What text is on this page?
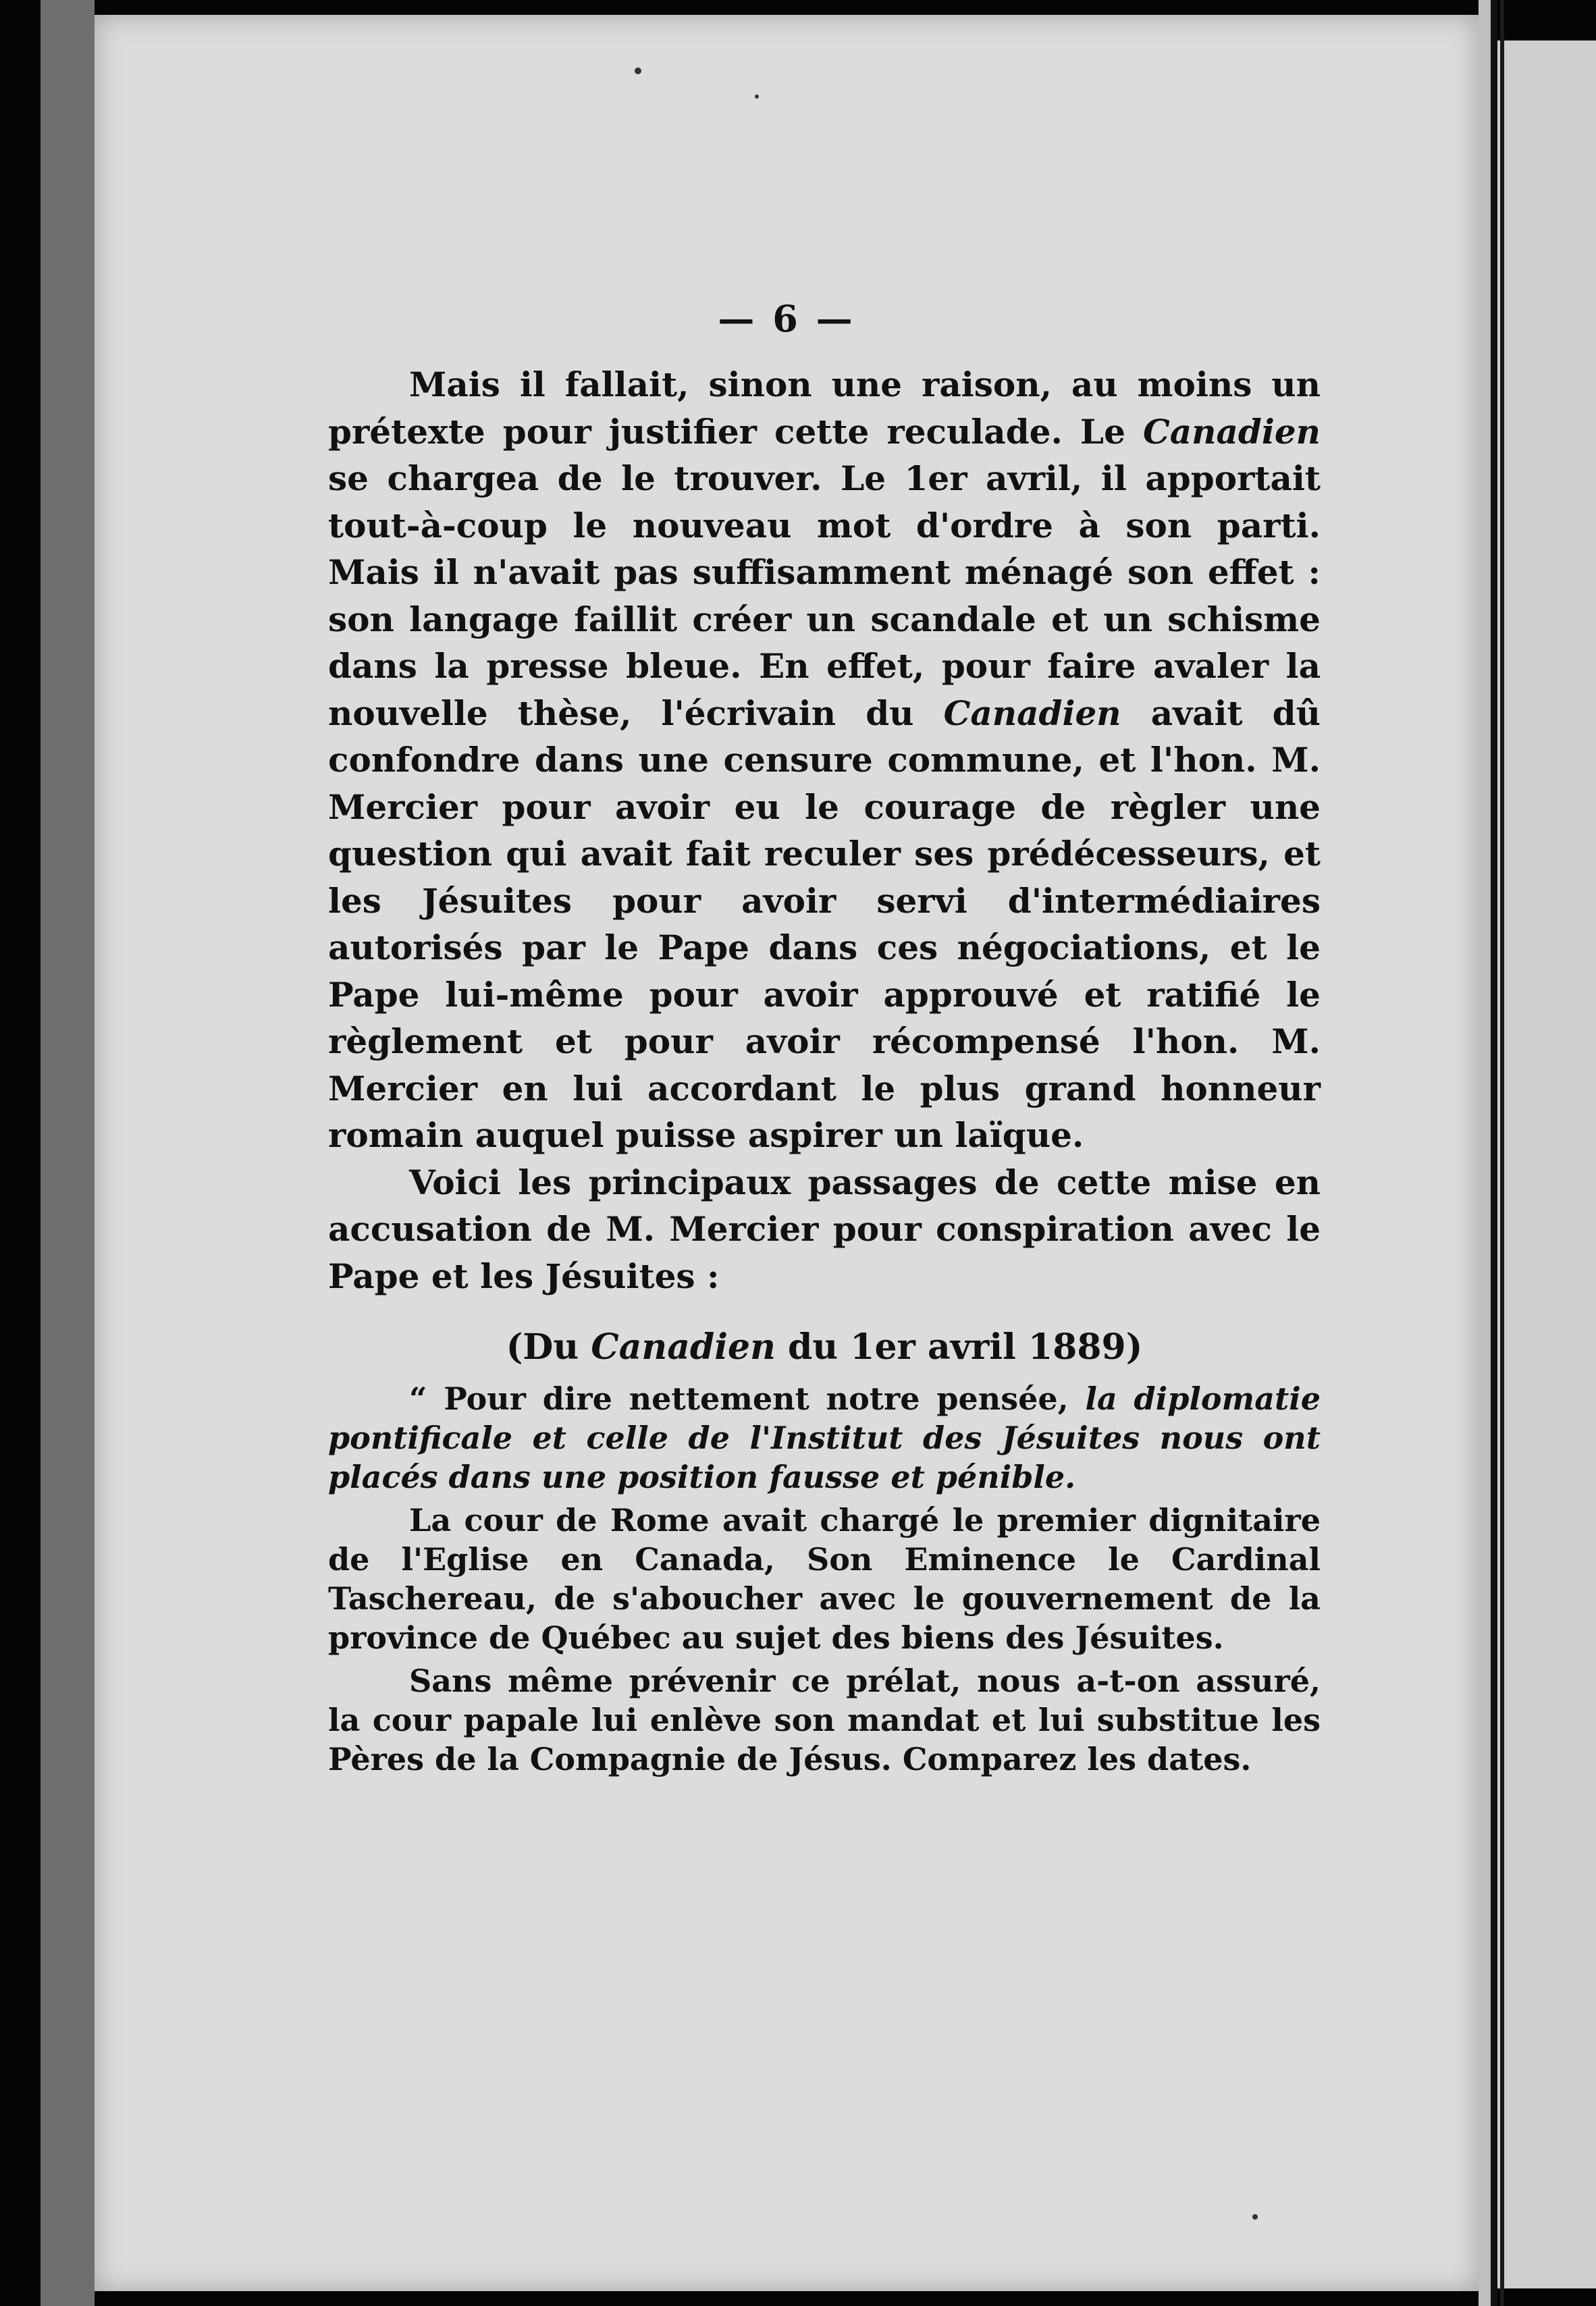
— 6 —

Mais il fallait, sinon une raison, au moins un prétexte pour justifier cette reculade. Le Canadien se chargea de le trouver. Le 1er avril, il apportait tout-à-coup le nouveau mot d'ordre à son parti. Mais il n'avait pas suffisamment ménagé son effet : son langage faillit créer un scandale et un schisme dans la presse bleue. En effet, pour faire avaler la nouvelle thèse, l'écrivain du Canadien avait dû confondre dans une censure commune, et l'hon. M. Mercier pour avoir eu le courage de règler une question qui avait fait reculer ses prédécesseurs, et les Jésuites pour avoir servi d'intermédiaires autorisés par le Pape dans ces négociations, et le Pape lui-même pour avoir approuvé et ratifié le règlement et pour avoir récompensé l'hon. M. Mercier en lui accordant le plus grand honneur romain auquel puisse aspirer un laïque.

Voici les principaux passages de cette mise en accusation de M. Mercier pour conspiration avec le Pape et les Jésuites :

(Du Canadien du 1er avril 1889)

“ Pour dire nettement notre pensée, la diplomatie pontificale et celle de l'Institut des Jésuites nous ont placés dans une position fausse et pénible.

La cour de Rome avait chargé le premier dignitaire de l'Eglise en Canada, Son Eminence le Cardinal Taschereau, de s'aboucher avec le gouvernement de la province de Québec au sujet des biens des Jésuites.

Sans même prévenir ce prélat, nous a-t-on assuré, la cour papale lui enlève son mandat et lui substitue les Pères de la Compagnie de Jésus. Comparez les dates.
